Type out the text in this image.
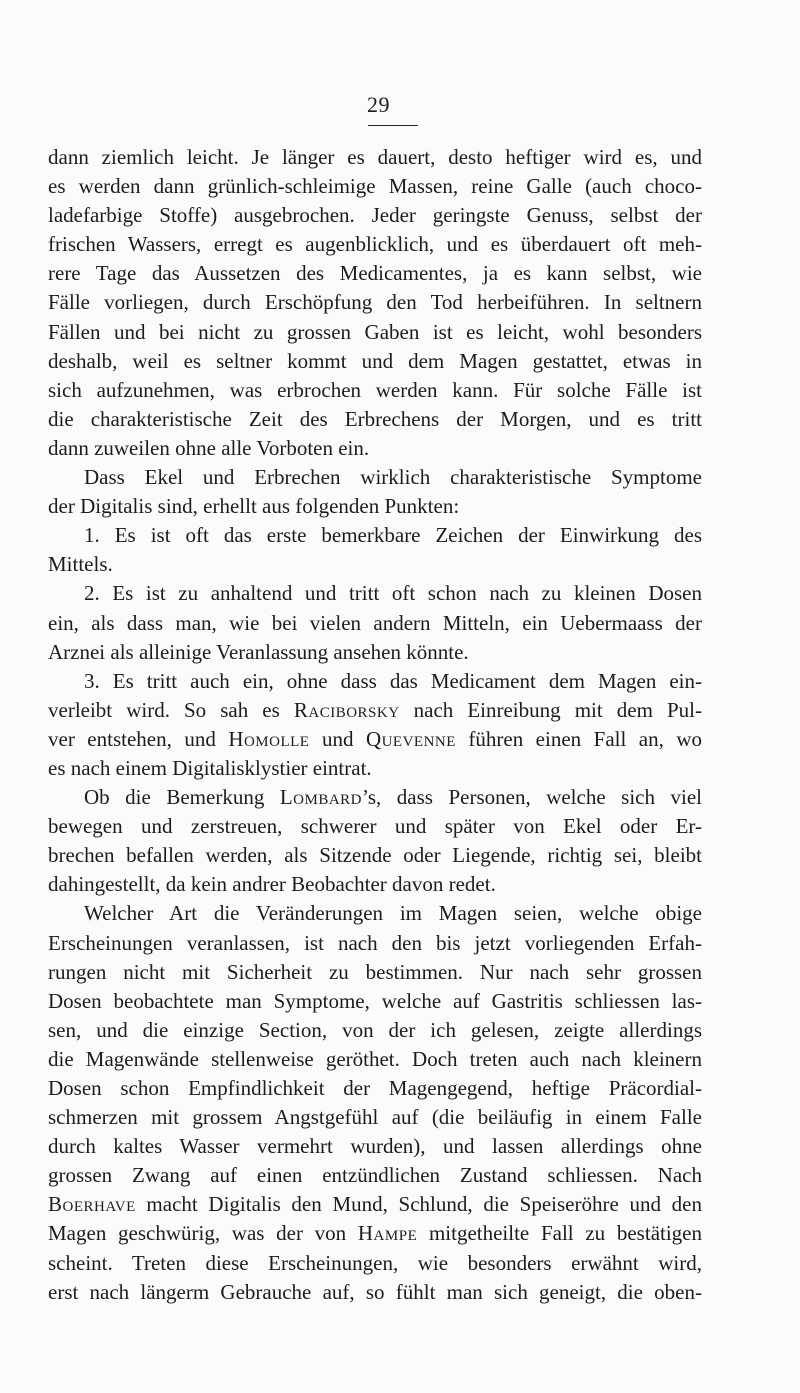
29
dann ziemlich leicht. Je länger es dauert, desto heftiger wird es, und
es werden dann grünlich-schleimige Massen, reine Galle (auch choco-
ladefarbige Stoffe) ausgebrochen. Jeder geringste Genuss, selbst der
frischen Wassers, erregt es augenblicklich, und es überdauert oft meh-
rere Tage das Aussetzen des Medicamentes, ja es kann selbst, wie
Fälle vorliegen, durch Erschöpfung den Tod herbeiführen. In seltnern
Fällen und bei nicht zu grossen Gaben ist es leicht, wohl besonders
deshalb, weil es seltner kommt und dem Magen gestattet, etwas in
sich aufzunehmen, was erbrochen werden kann. Für solche Fälle ist
die charakteristische Zeit des Erbrechens der Morgen, und es tritt
dann zuweilen ohne alle Vorboten ein.
Dass Ekel und Erbrechen wirklich charakteristische Symptome
der Digitalis sind, erhellt aus folgenden Punkten:
1. Es ist oft das erste bemerkbare Zeichen der Einwirkung des
Mittels.
2. Es ist zu anhaltend und tritt oft schon nach zu kleinen Dosen
ein, als dass man, wie bei vielen andern Mitteln, ein Uebermaass der
Arznei als alleinige Veranlassung ansehen könnte.
3. Es tritt auch ein, ohne dass das Medicament dem Magen ein-
verleibt wird. So sah es Raciborsky nach Einreibung mit dem Pul-
ver entstehen, und Homolle und Quevenne führen einen Fall an, wo
es nach einem Digitalisklystier eintrat.
Ob die Bemerkung Lombard’s, dass Personen, welche sich viel
bewegen und zerstreuen, schwerer und später von Ekel oder Er-
brechen befallen werden, als Sitzende oder Liegende, richtig sei, bleibt
dahingestellt, da kein andrer Beobachter davon redet.
Welcher Art die Veränderungen im Magen seien, welche obige
Erscheinungen veranlassen, ist nach den bis jetzt vorliegenden Erfah-
rungen nicht mit Sicherheit zu bestimmen. Nur nach sehr grossen
Dosen beobachtete man Symptome, welche auf Gastritis schliessen las-
sen, und die einzige Section, von der ich gelesen, zeigte allerdings
die Magenwände stellenweise geröthet. Doch treten auch nach kleinern
Dosen schon Empfindlichkeit der Magengegend, heftige Präcordial-
schmerzen mit grossem Angstgefühl auf (die beiläufig in einem Falle
durch kaltes Wasser vermehrt wurden), und lassen allerdings ohne
grossen Zwang auf einen entzündlichen Zustand schliessen. Nach
Boerhave macht Digitalis den Mund, Schlund, die Speiseröhre und den
Magen geschwürig, was der von Hampe mitgetheilte Fall zu bestätigen
scheint. Treten diese Erscheinungen, wie besonders erwähnt wird,
erst nach längerm Gebrauche auf, so fühlt man sich geneigt, die oben-
